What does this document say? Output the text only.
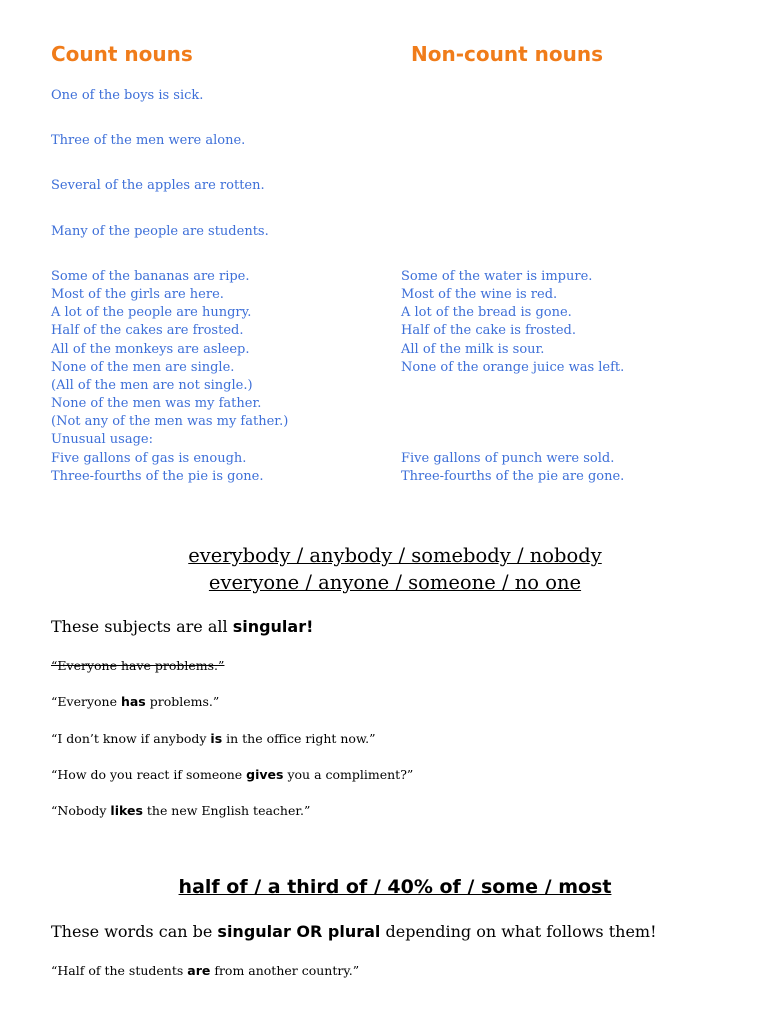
Count nouns	Non-count nouns
One of the boys is sick.
Three of the men were alone.
Several of the apples are rotten.
Many of the people are students.
Some of the bananas are ripe.
Most of the girls are here.
A lot of the people are hungry.
Half of the cakes are frosted.
All of the monkeys are asleep.
None of the men are single.
(All of the men are not single.)
None of the men was my father.
(Not any of the men was my father.)
Unusual usage:
Five gallons of gas is enough.
Three-fourths of the pie is gone.
Some of the water is impure.
Most of the wine is red.
A lot of the bread is gone.
Half of the cake is frosted.
All of the milk is sour.
None of the orange juice was left.
Five gallons of punch were sold.
Three-fourths of the pie are gone.
everybody / anybody / somebody / nobody
everyone / anyone / someone / no one
These subjects are all singular!
“Everyone have problems.”
“Everyone has problems.”
“I don’t know if anybody is in the office right now.”
“How do you react if someone gives you a compliment?”
“Nobody likes the new English teacher.”
half of / a third of / 40% of / some / most
These words can be singular OR plural depending on what follows them!
“Half of the students are from another country.”
